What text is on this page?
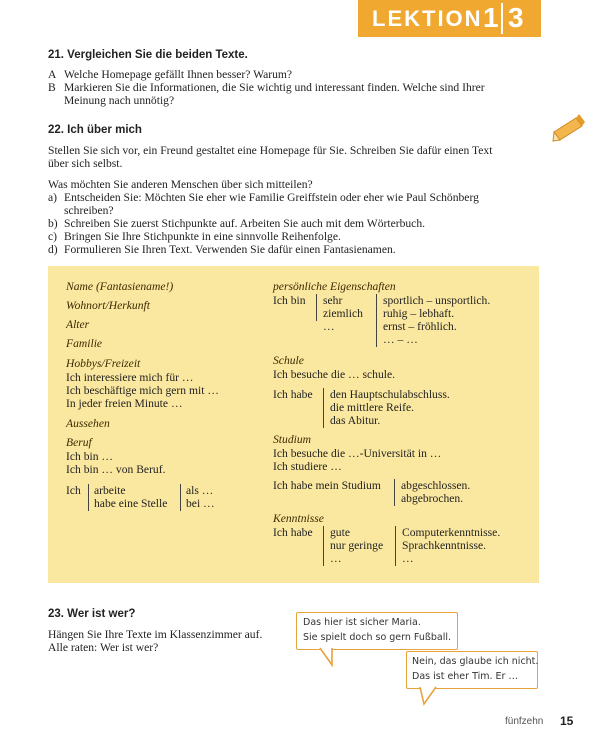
LEKTION 1 3
21. Vergleichen Sie die beiden Texte.
A Welche Homepage gefällt Ihnen besser? Warum?
B Markieren Sie die Informationen, die Sie wichtig und interessant finden. Welche sind Ihrer
Meinung nach unnötig?
22. Ich über mich
Stellen Sie sich vor, ein Freund gestaltet eine Homepage für Sie. Schreiben Sie dafür einen Text
über sich selbst.
Was möchten Sie anderen Menschen über sich mitteilen?
a) Entscheiden Sie: Möchten Sie eher wie Familie Greiffstein oder eher wie Paul Schönberg
schreiben?
b) Schreiben Sie zuerst Stichpunkte auf. Arbeiten Sie auch mit dem Wörterbuch.
c) Bringen Sie Ihre Stichpunkte in eine sinnvolle Reihenfolge.
d) Formulieren Sie Ihren Text. Verwenden Sie dafür einen Fantasienamen.
Name (Fantasiename!)
Wohnort/Herkunft
Alter
Familie
Hobbys/Freizeit
Ich interessiere mich für …
Ich beschäftige mich gern mit …
In jeder freien Minute …
Aussehen
Beruf
Ich bin …
Ich bin … von Beruf.
Ich arbeite
habe eine Stelle
als …
bei …
persönliche Eigenschaften
Ich bin sehr
ziemlich
…
sportlich – unsportlich.
ruhig – lebhaft.
ernst – fröhlich.
… – …
Schule
Ich besuche die … schule.
Ich habe den Hauptschulabschluss.
die mittlere Reife.
das Abitur.
Studium
Ich besuche die …-Universität in …
Ich studiere …
Ich habe mein Studium abgeschlossen.
abgebrochen.
Kenntnisse
Ich habe gute
nur geringe
…
Computerkenntnisse.
Sprachkenntnisse.
…
23. Wer ist wer?
Hängen Sie Ihre Texte im Klassenzimmer auf.
Alle raten: Wer ist wer?
Das hier ist sicher Maria.
Sie spielt doch so gern Fußball.
Nein, das glaube ich nicht.
Das ist eher Tim. Er …
fünfzehn 15
